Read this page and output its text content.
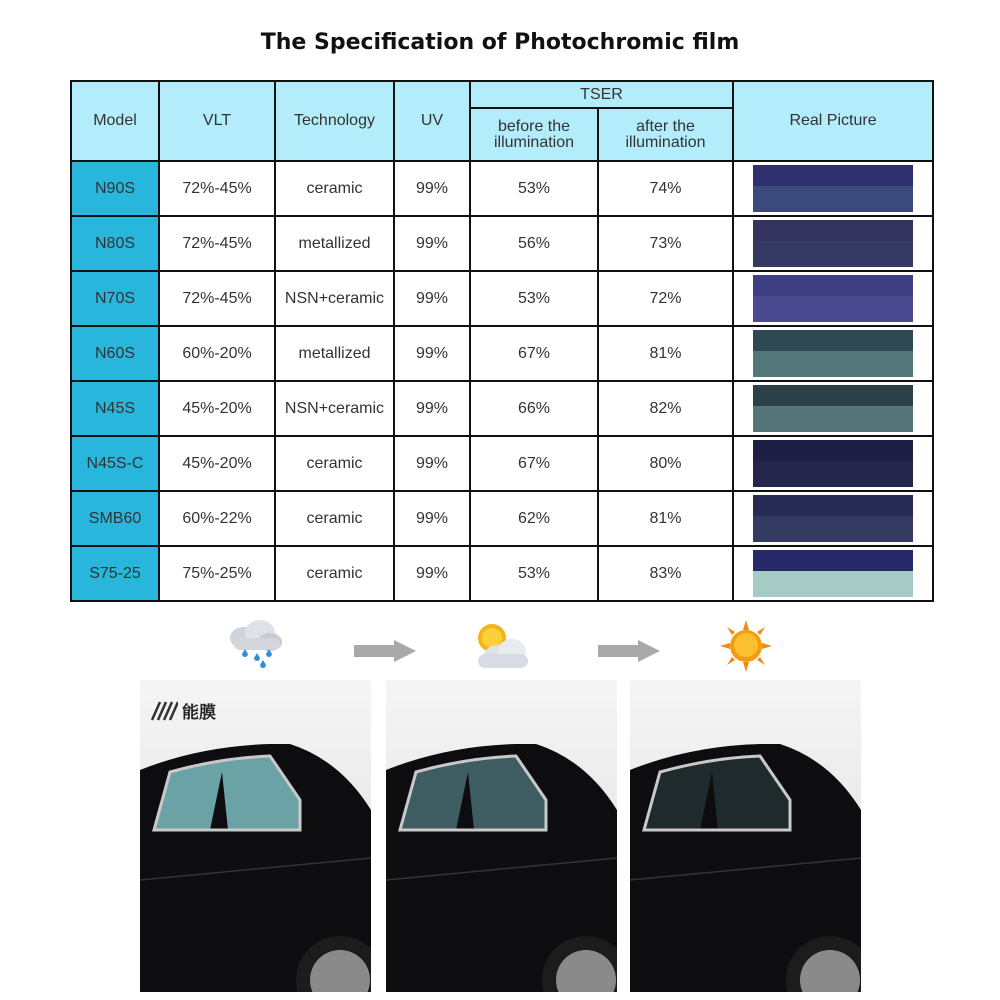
The Specification of Photochromic film
Model	VLT	Technology	UV	TSER		Real Picture
				before the illumination	after the illumination	
N90S	72%-45%	ceramic	99%	53%	74%	

N80S	72%-45%	metallized	99%	56%	73%	

N70S	72%-45%	NSN+ceramic	99%	53%	72%	

N60S	60%-20%	metallized	99%	67%	81%	

N45S	45%-20%	NSN+ceramic	99%	66%	82%	

N45S-C	45%-20%	ceramic	99%	67%	80%	

SMB60	60%-22%	ceramic	99%	62%	81%	

S75-25	75%-25%	ceramic	99%	53%	83%	
能膜
